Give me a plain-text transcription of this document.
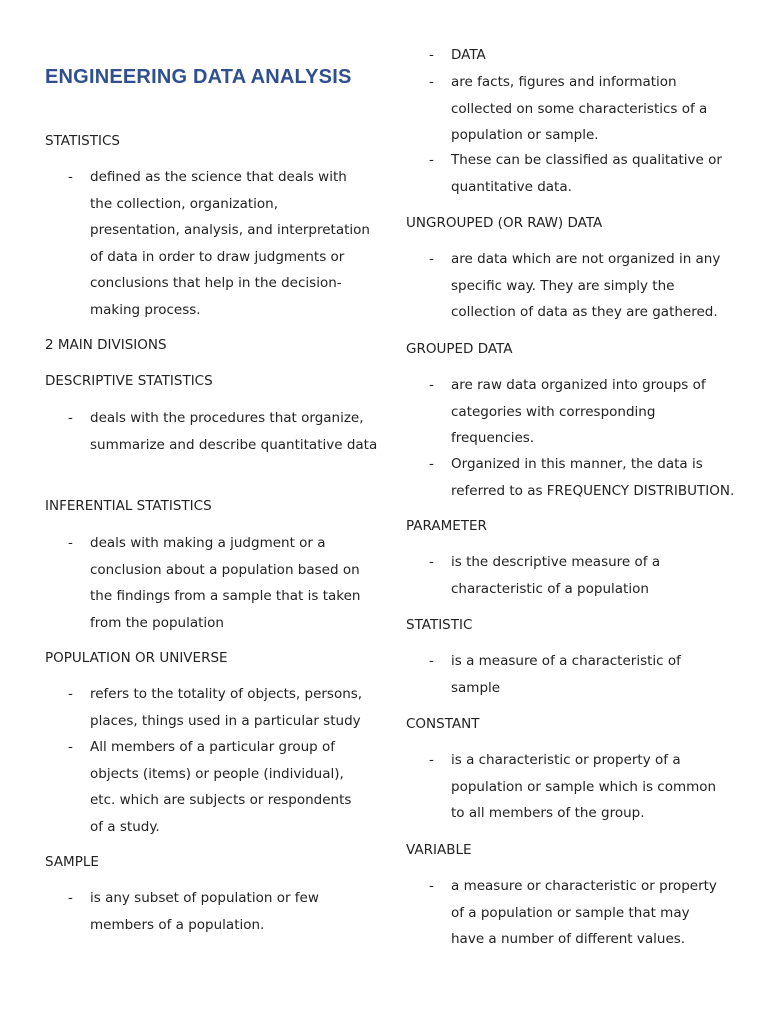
ENGINEERING DATA ANALYSIS
STATISTICS
- defined as the science that deals with the collection, organization, presentation, analysis, and interpretation of data in order to draw judgments or conclusions that help in the decision-making process.
2 MAIN DIVISIONS
DESCRIPTIVE STATISTICS
- deals with the procedures that organize, summarize and describe quantitative data
INFERENTIAL STATISTICS
- deals with making a judgment or a conclusion about a population based on the findings from a sample that is taken from the population
POPULATION OR UNIVERSE
- refers to the totality of objects, persons, places, things used in a particular study
- All members of a particular group of objects (items) or people (individual), etc. which are subjects or respondents of a study.
SAMPLE
- is any subset of population or few members of a population.
- DATA
- are facts, figures and information collected on some characteristics of a population or sample.
- These can be classified as qualitative or quantitative data.
UNGROUPED (OR RAW) DATA
- are data which are not organized in any specific way. They are simply the collection of data as they are gathered.
GROUPED DATA
- are raw data organized into groups of categories with corresponding frequencies.
- Organized in this manner, the data is referred to as FREQUENCY DISTRIBUTION.
PARAMETER
- is the descriptive measure of a characteristic of a population
STATISTIC
- is a measure of a characteristic of sample
CONSTANT
- is a characteristic or property of a population or sample which is common to all members of the group.
VARIABLE
- a measure or characteristic or property of a population or sample that may have a number of different values.
